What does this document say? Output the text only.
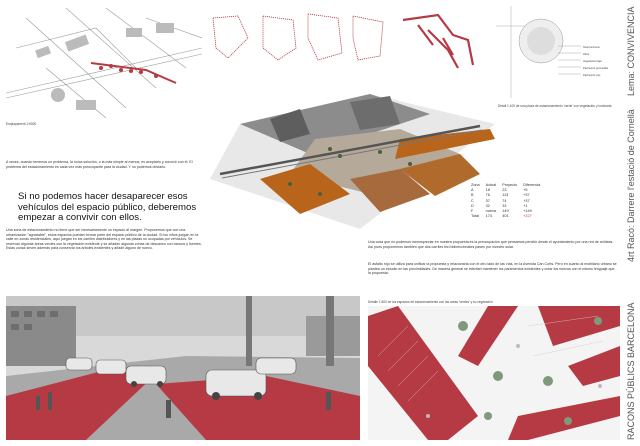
Emplaçament 1:5000
Nivel luminoso
Árbol
Vegetación baja
Pavimento permeable
Pavimento rojo
Detall 1:100 de una plaza de estacionamiento 'verde' con vegetación y luminaria
A veces, cuando tenemos un problema, la única solución, o la más simple al menos, es aceptarlo y convivir con él. El problema del estacionamiento es cada vez más preocupante para la ciudad. Y no podemos obviarlo.
Si no podemos hacer desaparecer esos vehículos del espacio público, deberemos empezar a convivir con ellos.
Una zona de estacionamiento no tiene que ser necesariamente un espacio al margen. Proponemos que con una urbanización "agradable", estos espacios puedan formar parte del espacio público de la ciudad. Si los niños juegan en la calle en zonas residenciales, aquí juegan en los carriles distribuidores y en las plazas no ocupadas por vehículos. Se reservan algunas áreas verdes con la vegetación existente y se añaden algunas zonas de descanso con bancos y fuentes. Estas zonas sirven además para conservar los árboles existentes y añadir alguno de nuevo.
Zona	Actual	Proyecto	Diferencia
A	18	23	+5
B	76	113	+37
C	37	74	+37
D	32	33	+1
F	nueva	149	+149
Total	174	401	+227
Una cosa que no podemos menospreciar en nuestra propuesta es la preocupación que pensamos percibir desde el ayuntamiento por una red de ciclistas. Así pues proponemos también que dos carriles bici bidireccionales pasen por nuestro solar.
El asfalto rojo se utiliza para unificar la propuesta y relacionarla con el otro lado de las vías, en la Avenida Can Corts. Pero en cuanto al mobiliario urbano se plantea un estudio en las proximidades. De manera general se intentan mantener los paramentos existentes y crear los nuevos con el mismo lenguaje que la propuesta.
Detalle 1:500 de los espacios de estacionamiento con las areas 'verdes' y su vegetación
Lema: CONVIVENCIA
4rt Racó: Darrere l'estació de Cornellà
RACONS PÚBLICS BARCELONA
